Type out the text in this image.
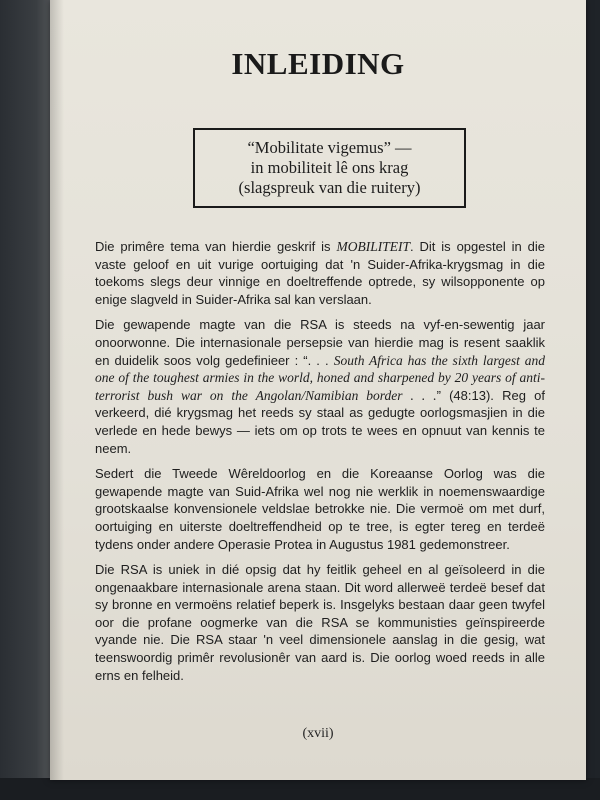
INLEIDING
“Mobilitate vigemus” —
in mobiliteit lê ons krag
(slagspreuk van die ruitery)

Die primêre tema van hierdie geskrif is MOBILITEIT. Dit is opgestel in die vaste geloof en uit vurige oortuiging dat 'n Suider-Afrika-krygsmag in die toekoms slegs deur vinnige en doeltreffende optrede, sy wilsopponente op enige slagveld in Suider-Afrika sal kan verslaan.

Die gewapende magte van die RSA is steeds na vyf-en-sewentig jaar onoorwonne. Die internasionale persepsie van hierdie mag is resent saaklik en duidelik soos volg gedefinieer : “. . . South Africa has the sixth largest and one of the toughest armies in the world, honed and sharpened by 20 years of anti-terrorist bush war on the Angolan/Namibian border . . .” (48:13). Reg of verkeerd, dié krygsmag het reeds sy staal as gedugte oorlogsmasjien in die verlede en hede bewys — iets om op trots te wees en opnuut van kennis te neem.

Sedert die Tweede Wêreldoorlog en die Koreaanse Oorlog was die gewapende magte van Suid-Afrika wel nog nie werklik in noemenswaardige grootskaalse konvensionele veldslae betrokke nie. Die vermoë om met durf, oortuiging en uiterste doeltreffendheid op te tree, is egter tereg en terdeë tydens onder andere Operasie Protea in Augustus 1981 gedemonstreer.

Die RSA is uniek in dié opsig dat hy feitlik geheel en al geïsoleerd in die ongenaakbare internasionale arena staan. Dit word allerweë terdeë besef dat sy bronne en vermoëns relatief beperk is. Insgelyks bestaan daar geen twyfel oor die profane oogmerke van die RSA se kommunisties geïnspireerde vyande nie. Die RSA staar 'n veel dimensionele aanslag in die gesig, wat teenswoordig primêr revolusionêr van aard is. Die oorlog woed reeds in alle erns en felheid.

(xvii)
